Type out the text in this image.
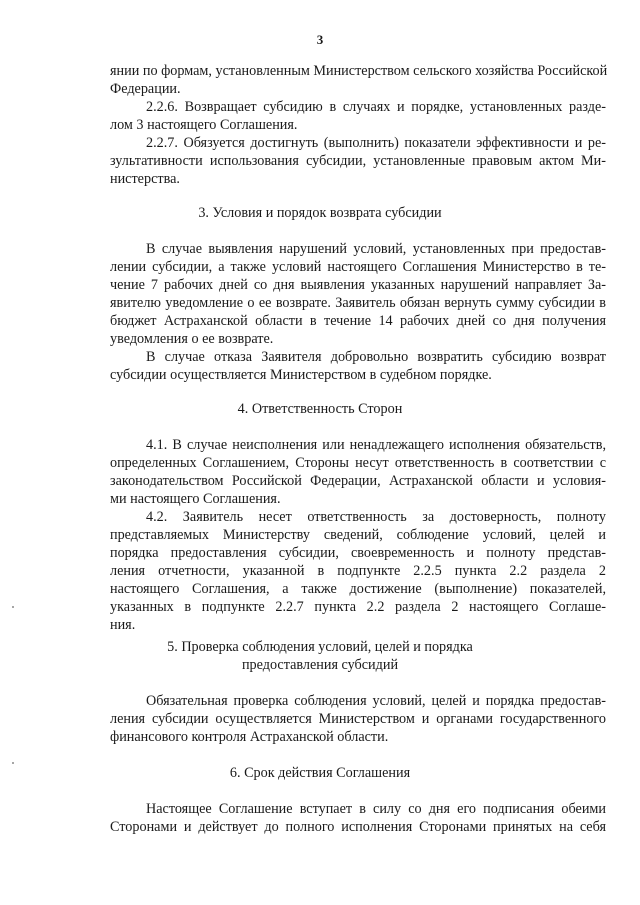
3
янии по формам, установленным Министерством сельского хозяйства Российской
Федерации.
2.2.6. Возвращает субсидию в случаях и порядке, установленных разде-
лом 3 настоящего Соглашения.
2.2.7. Обязуется достигнуть (выполнить) показатели эффективности и ре-
зультативности использования субсидии, установленные правовым актом Ми-
нистерства.
3. Условия и порядок возврата субсидии
В случае выявления нарушений условий, установленных при предостав-
лении субсидии, а также условий настоящего Соглашения Министерство в те-
чение 7 рабочих дней со дня выявления указанных нарушений направляет За-
явителю уведомление о ее возврате. Заявитель обязан вернуть сумму субсидии в
бюджет Астраханской области в течение 14 рабочих дней со дня получения
уведомления о ее возврате.
В случае отказа Заявителя добровольно возвратить субсидию возврат
субсидии осуществляется Министерством в судебном порядке.
4. Ответственность Сторон
4.1. В случае неисполнения или ненадлежащего исполнения обязательств,
определенных Соглашением, Стороны несут ответственность в соответствии с
законодательством Российской Федерации, Астраханской области и условия-
ми настоящего Соглашения.
4.2. Заявитель несет ответственность за достоверность, полноту
представляемых Министерству сведений, соблюдение условий, целей и
порядка предоставления субсидии, своевременность и полноту представ-
ления отчетности, указанной в подпункте 2.2.5 пункта 2.2 раздела 2
настоящего Соглашения, а также достижение (выполнение) показателей,
указанных в подпункте 2.2.7 пункта 2.2 раздела 2 настоящего Соглаше-
ния.
5. Проверка соблюдения условий, целей и порядка
предоставления субсидий
Обязательная проверка соблюдения условий, целей и порядка предостав-
ления субсидии осуществляется Министерством и органами государственного
финансового контроля Астраханской области.
6. Срок действия Соглашения
Настоящее Соглашение вступает в силу со дня его подписания обеими
Сторонами и действует до полного исполнения Сторонами принятых на себя
